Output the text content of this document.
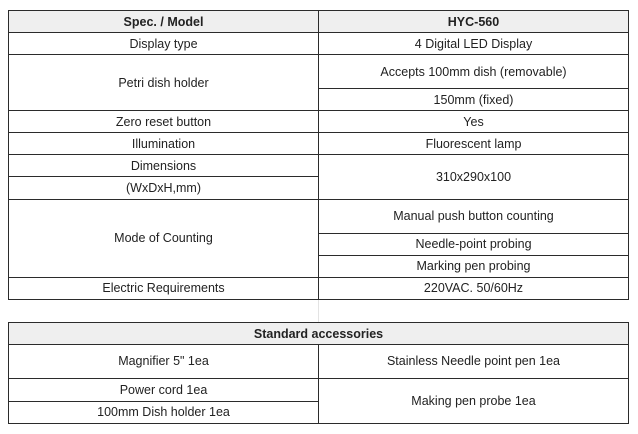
Spec. / Model	HYC-560
Display type	4 Digital LED Display
Petri dish holder	Accepts 100mm dish (removable)
	150mm (fixed)
Zero reset button	Yes
Illumination	Fluorescent lamp
Dimensions	310x290x100
(WxDxH,mm)	
Mode of Counting	Manual push button counting
	Needle-point probing
	Marking pen probing
Electric Requirements	220VAC. 50/60Hz
Standard accessories	
Magnifier 5" 1ea	Stainless Needle point pen 1ea
Power cord 1ea	Making pen probe 1ea
100mm Dish holder 1ea	
